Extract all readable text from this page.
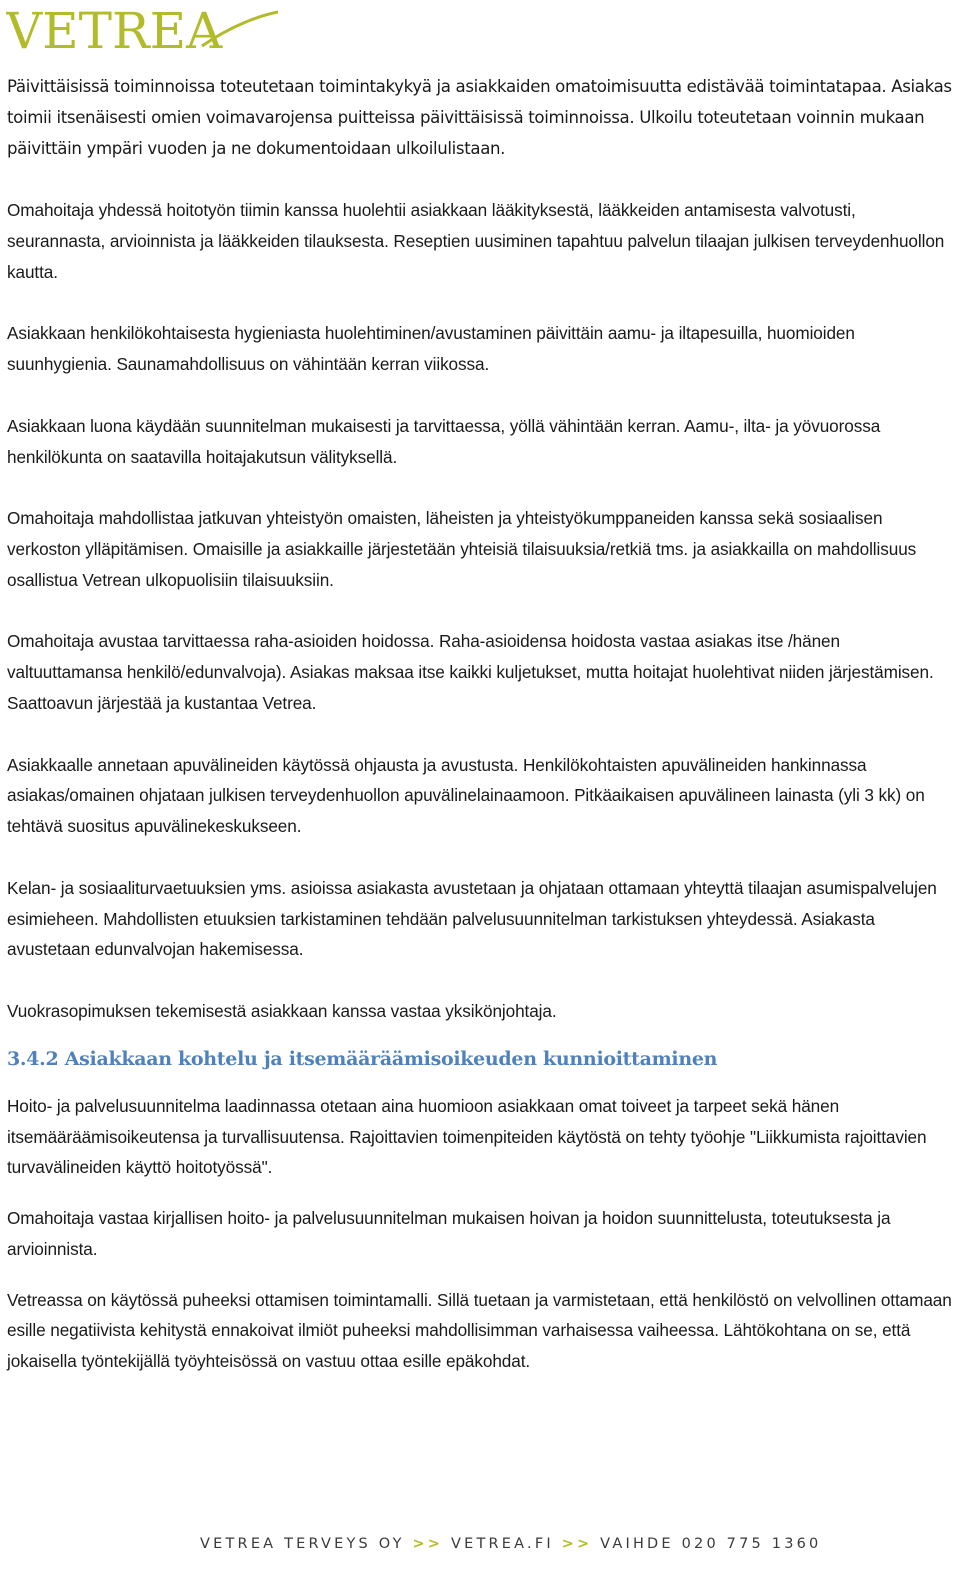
VETREA

Päivittäisissä toiminnoissa toteutetaan toimintakykyä ja asiakkaiden omatoimisuutta edistävää toimintatapaa. Asiakas toimii itsenäisesti omien voimavarojensa puitteissa päivittäisissä toiminnoissa. Ulkoilu toteutetaan voinnin mukaan päivittäin ympäri vuoden ja ne dokumentoidaan ulkoilulistaan.

Omahoitaja yhdessä hoitotyön tiimin kanssa huolehtii asiakkaan lääkityksestä, lääkkeiden antamisesta valvotusti, seurannasta, arvioinnista ja lääkkeiden tilauksesta. Reseptien uusiminen tapahtuu palvelun tilaajan julkisen terveydenhuollon kautta.

Asiakkaan henkilökohtaisesta hygieniasta huolehtiminen/avustaminen päivittäin aamu- ja iltapesuilla, huomioiden suunhygienia. Saunamahdollisuus on vähintään kerran viikossa.

Asiakkaan luona käydään suunnitelman mukaisesti ja tarvittaessa, yöllä vähintään kerran. Aamu-, ilta- ja yövuorossa henkilökunta on saatavilla hoitajakutsun välityksellä.

Omahoitaja mahdollistaa jatkuvan yhteistyön omaisten, läheisten ja yhteistyökumppaneiden kanssa sekä sosiaalisen verkoston ylläpitämisen. Omaisille ja asiakkaille järjestetään yhteisiä tilaisuuksia/retkiä tms. ja asiakkailla on mahdollisuus osallistua Vetrean ulkopuolisiin tilaisuuksiin.

Omahoitaja avustaa tarvittaessa raha-asioiden hoidossa. Raha-asioidensa hoidosta vastaa asiakas itse /hänen valtuuttamansa henkilö/edunvalvoja). Asiakas maksaa itse kaikki kuljetukset, mutta hoitajat huolehtivat niiden järjestämisen. Saattoavun järjestää ja kustantaa Vetrea.

Asiakkaalle annetaan apuvälineiden käytössä ohjausta ja avustusta. Henkilökohtaisten apuvälineiden hankinnassa asiakas/omainen ohjataan julkisen terveydenhuollon apuvälinelainaamoon. Pitkäaikaisen apuvälineen lainasta (yli 3 kk) on tehtävä suositus apuvälinekeskukseen.

Kelan- ja sosiaaliturvaetuuksien yms. asioissa asiakasta avustetaan ja ohjataan ottamaan yhteyttä tilaajan asumispalvelujen esimieheen. Mahdollisten etuuksien tarkistaminen tehdään palvelusuunnitelman tarkistuksen yhteydessä. Asiakasta avustetaan edunvalvojan hakemisessa.

Vuokrasopimuksen tekemisestä asiakkaan kanssa vastaa yksikönjohtaja.

3.4.2 Asiakkaan kohtelu ja itsemääräämisoikeuden kunnioittaminen

Hoito- ja palvelusuunnitelma laadinnassa otetaan aina huomioon asiakkaan omat toiveet ja tarpeet sekä hänen itsemääräämisoikeutensa ja turvallisuutensa. Rajoittavien toimenpiteiden käytöstä on tehty työohje "Liikkumista rajoittavien turvavälineiden käyttö hoitotyössä".

Omahoitaja vastaa kirjallisen hoito- ja palvelusuunnitelman mukaisen hoivan ja hoidon suunnittelusta, toteutuksesta ja arvioinnista.

Vetreassa on käytössä puheeksi ottamisen toimintamalli. Sillä tuetaan ja varmistetaan, että henkilöstö on velvollinen ottamaan esille negatiivista kehitystä ennakoivat ilmiöt puheeksi mahdollisimman varhaisessa vaiheessa. Lähtökohtana on se, että jokaisella työntekijällä työyhteisössä on vastuu ottaa esille epäkohdat.

VETREA TERVEYS OY >> VETREA.FI >> VAIHDE 020 775 1360
